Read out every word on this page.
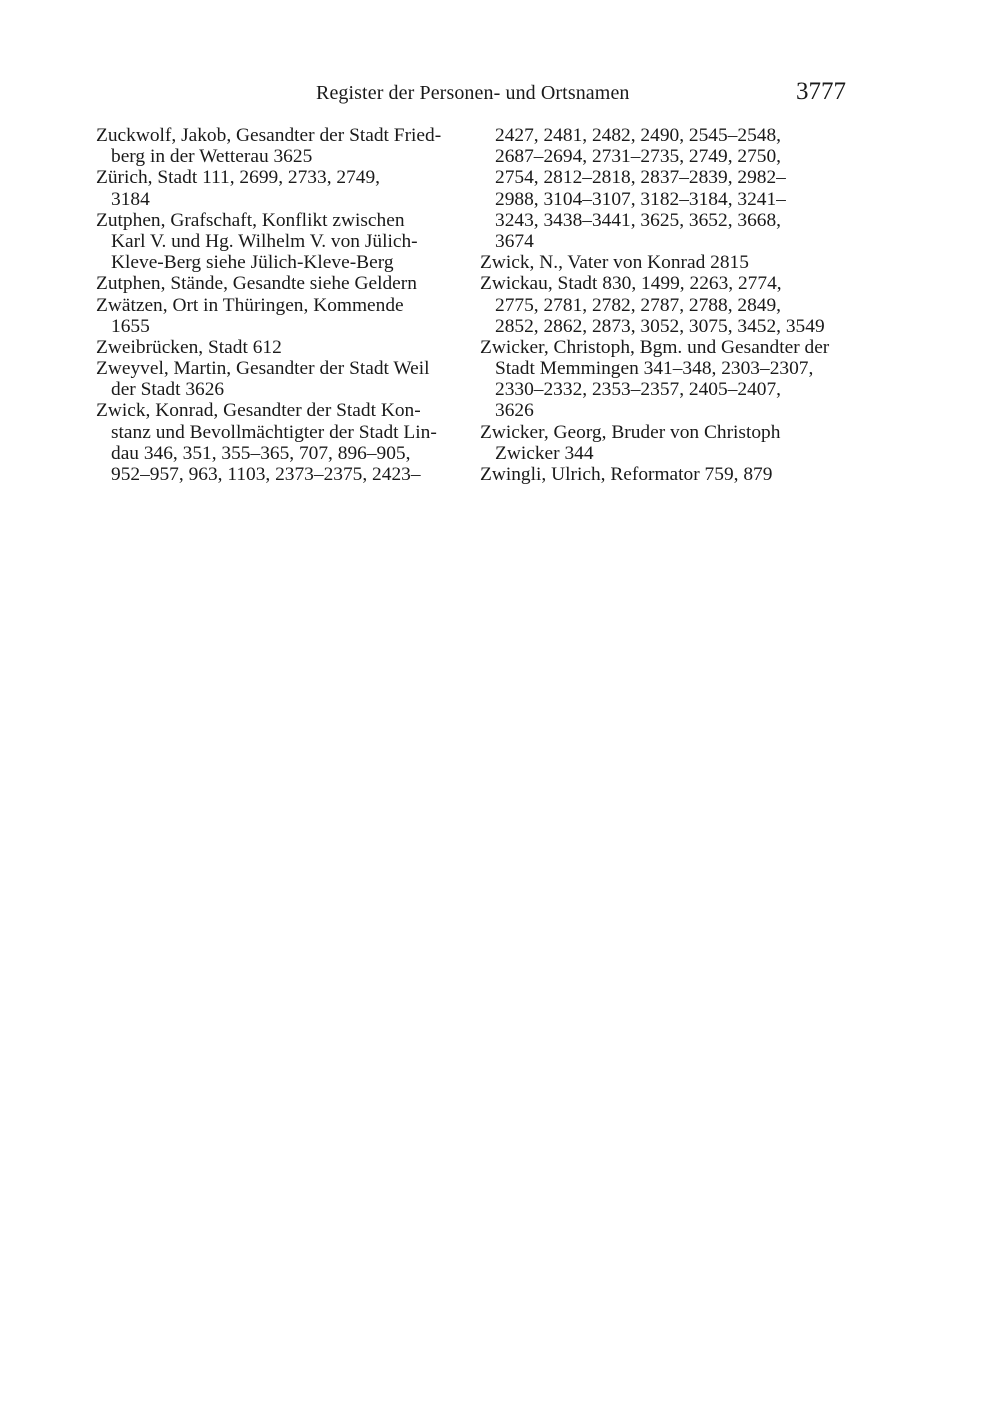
Register der Personen- und Ortsnamen	3777
Zuckwolf, Jakob, Gesandter der Stadt Fried-
berg in der Wetterau 3625
Zürich, Stadt 111, 2699, 2733, 2749,
3184
Zutphen, Grafschaft, Konflikt zwischen
Karl V. und Hg. Wilhelm V. von Jülich-
Kleve-Berg siehe Jülich-Kleve-Berg
Zutphen, Stände, Gesandte siehe Geldern
Zwätzen, Ort in Thüringen, Kommende
1655
Zweibrücken, Stadt 612
Zweyvel, Martin, Gesandter der Stadt Weil
der Stadt 3626
Zwick, Konrad, Gesandter der Stadt Kon-
stanz und Bevollmächtigter der Stadt Lin-
dau 346, 351, 355–365, 707, 896–905,
952–957, 963, 1103, 2373–2375, 2423–
2427, 2481, 2482, 2490, 2545–2548,
2687–2694, 2731–2735, 2749, 2750,
2754, 2812–2818, 2837–2839, 2982–
2988, 3104–3107, 3182–3184, 3241–
3243, 3438–3441, 3625, 3652, 3668,
3674
Zwick, N., Vater von Konrad 2815
Zwickau, Stadt 830, 1499, 2263, 2774,
2775, 2781, 2782, 2787, 2788, 2849,
2852, 2862, 2873, 3052, 3075, 3452, 3549
Zwicker, Christoph, Bgm. und Gesandter der
Stadt Memmingen 341–348, 2303–2307,
2330–2332, 2353–2357, 2405–2407,
3626
Zwicker, Georg, Bruder von Christoph
Zwicker 344
Zwingli, Ulrich, Reformator 759, 879
